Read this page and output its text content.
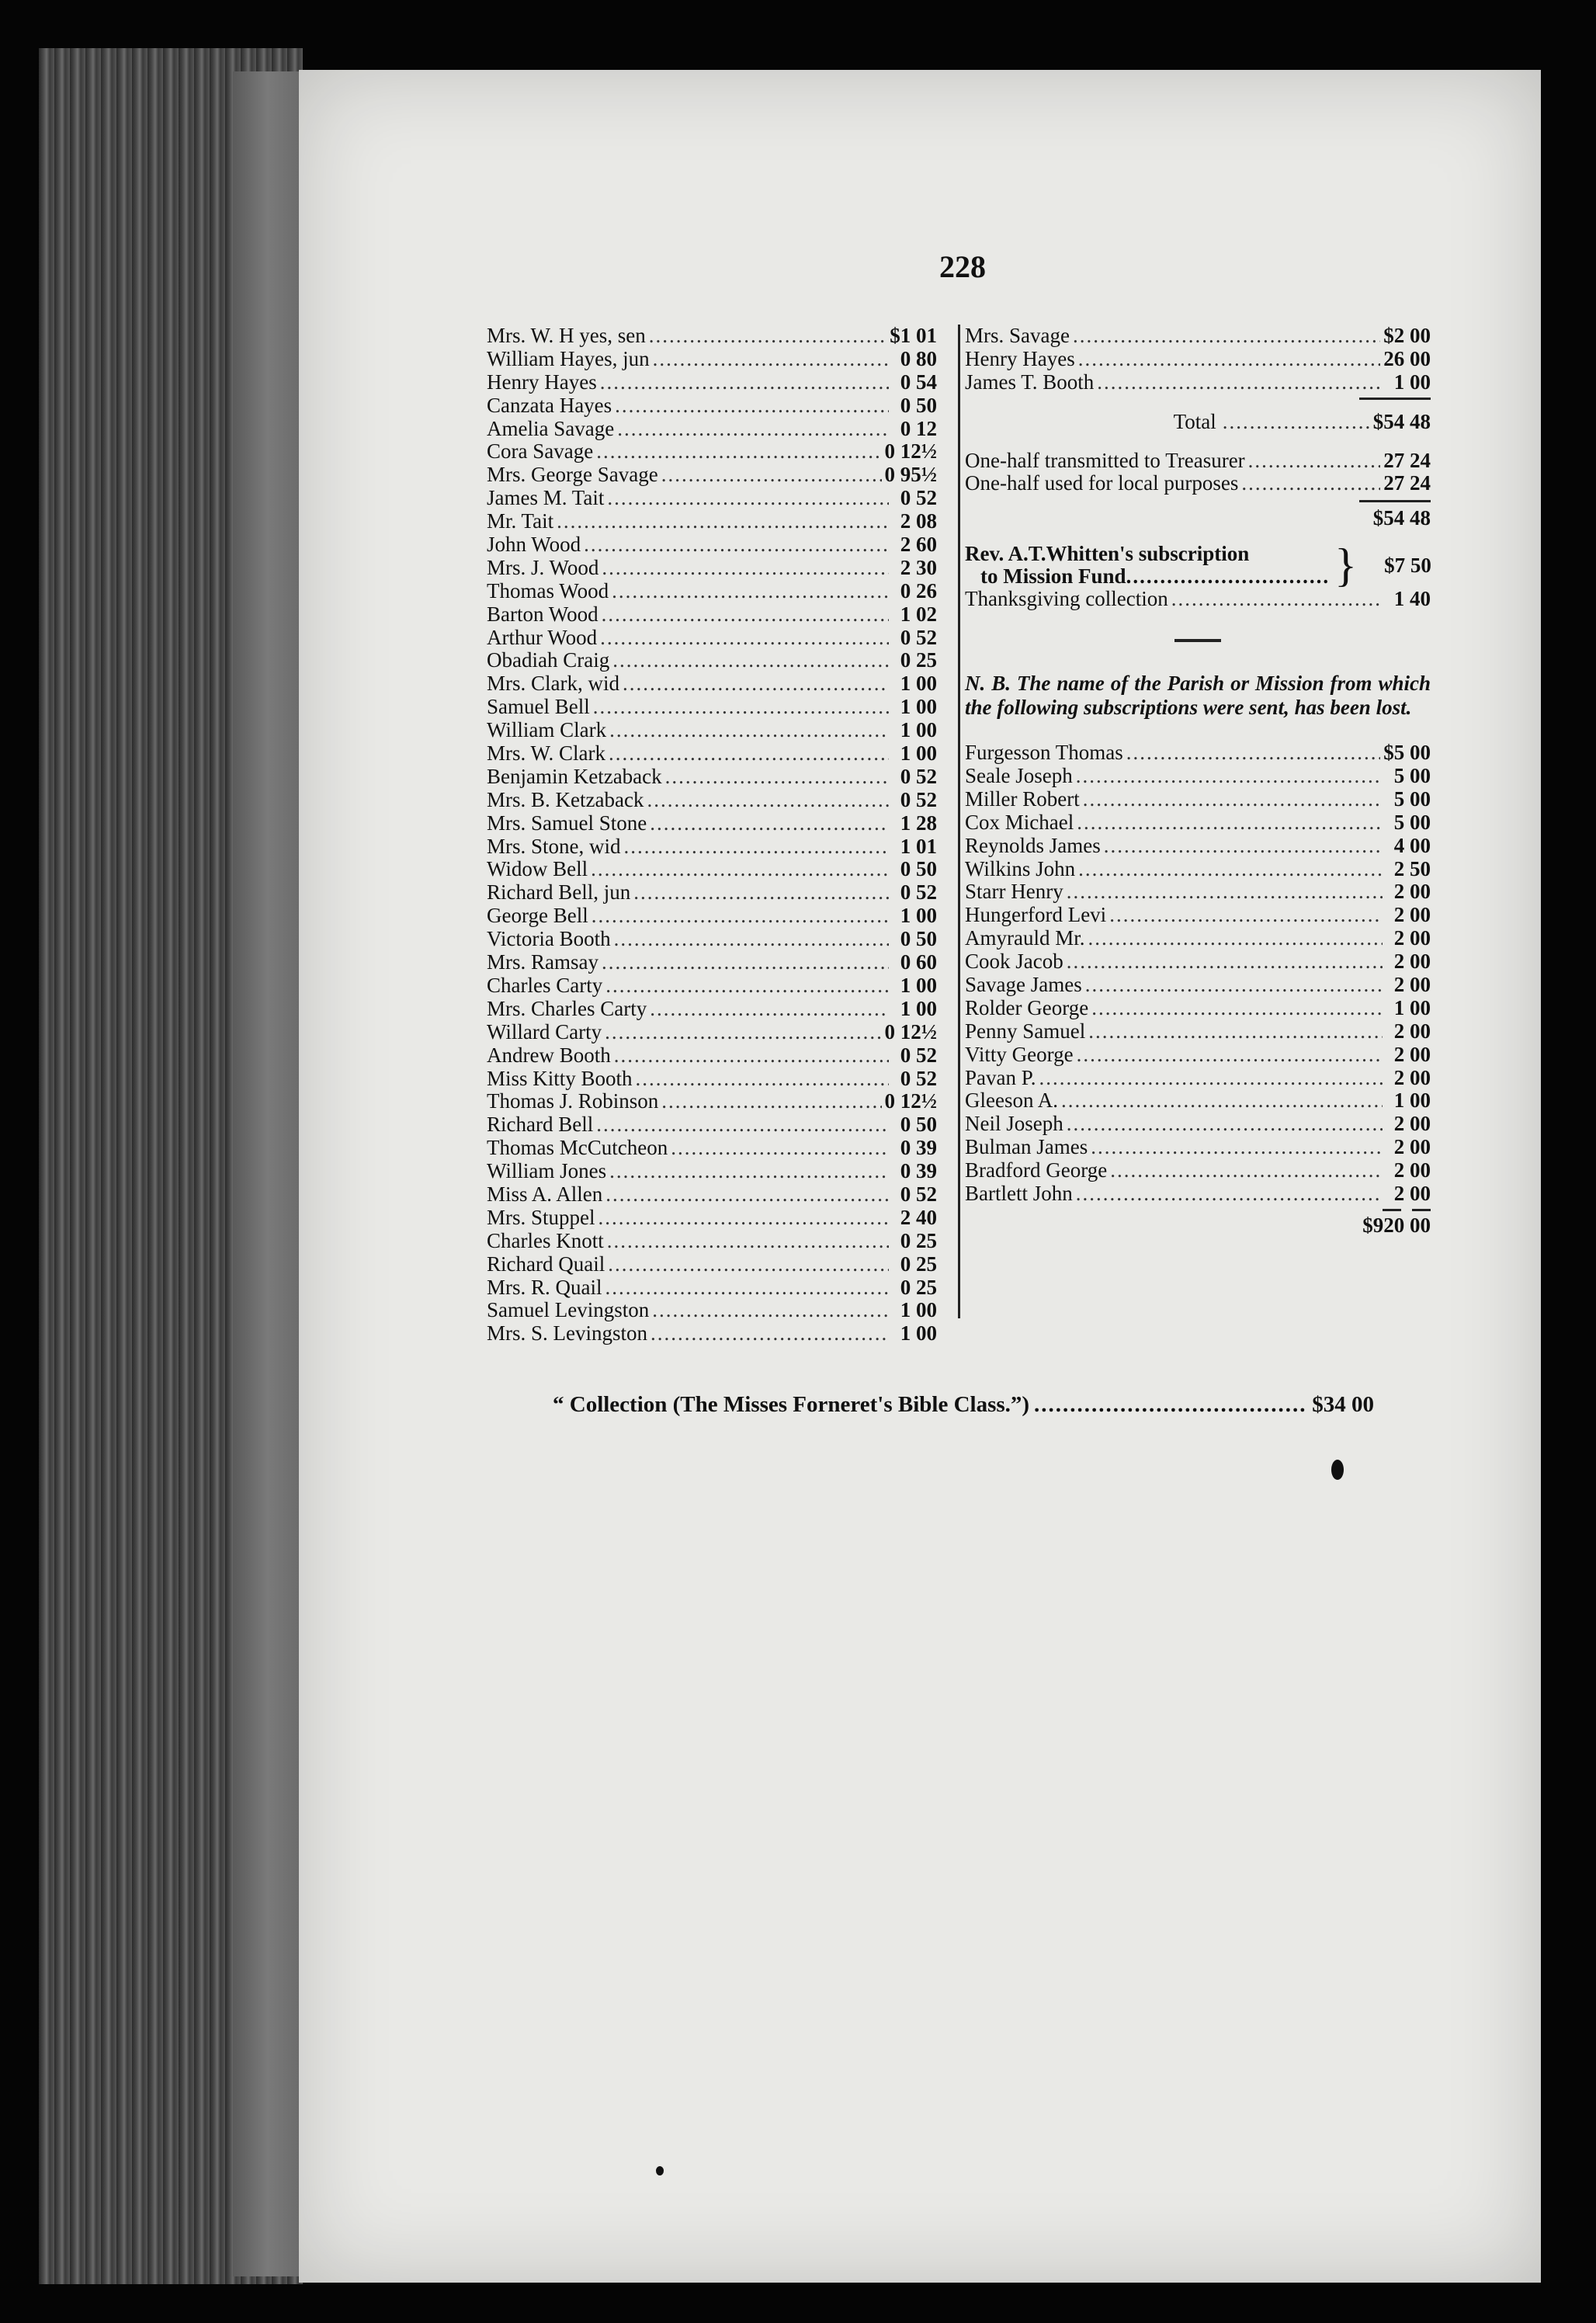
228
Mrs. W. H yes, sen .....	$1 01
William Hayes, jun .....	0 80
Henry Hayes .....	0 54
Canzata Hayes .....	0 50
Amelia Savage .....	0 12
Cora Savage .....	0 12½
Mrs. George Savage .....	0 95½
James M. Tait .....	0 52
Mr. Tait .....	2 08
John Wood .....	2 60
Mrs. J. Wood .....	2 30
Thomas Wood .....	0 26
Barton Wood .....	1 02
Arthur Wood .....	0 52
Obadiah Craig .....	0 25
Mrs. Clark, wid .....	1 00
Samuel Bell .....	1 00
William Clark .....	1 00
Mrs. W. Clark .....	1 00
Benjamin Ketzaback .....	0 52
Mrs. B. Ketzaback .....	0 52
Mrs. Samuel Stone .....	1 28
Mrs. Stone, wid .....	1 01
Widow Bell .....	0 50
Richard Bell, jun .....	0 52
George Bell .....	1 00
Victoria Booth .....	0 50
Mrs. Ramsay .....	0 60
Charles Carty .....	1 00
Mrs. Charles Carty .....	1 00
Willard Carty .....	0 12½
Andrew Booth .....	0 52
Miss Kitty Booth .....	0 52
Thomas J. Robinson .....	0 12½
Richard Bell .....	0 50
Thomas McCutcheon .....	0 39
William Jones .....	0 39
Miss A. Allen .....	0 52
Mrs. Stuppel .....	2 40
Charles Knott .....	0 25
Richard Quail .....	0 25
Mrs. R. Quail .....	0 25
Samuel Levingston .....	1 00
Mrs. S. Levingston .....	1 00
Mrs. Savage .....	$2 00
Henry Hayes .....	26 00
James T. Booth .....	1 00
Total .....	$54 48
One-half transmitted to Treasurer .....	27 24
One-half used for local purposes .....	27 24
$54 48
Rev. A.T.Whitten's subscription
to Mission Fund .............................. }	$7 50
Thanksgiving collection .....	1 40
N. B. The name of the Parish or Mission from which the following subscriptions were sent, has been lost.
Furgesson Thomas .....	$5 00
Seale Joseph .....	5 00
Miller Robert .....	5 00
Cox Michael .....	5 00
Reynolds James .....	4 00
Wilkins John .....	2 50
Starr Henry .....	2 00
Hungerford Levi .....	2 00
Amyrauld Mr. .....	2 00
Cook Jacob .....	2 00
Savage James .....	2 00
Rolder George .....	1 00
Penny Samuel .....	2 00
Vitty George .....	2 00
Pavan P. .....	2 00
Gleeson A. .....	1 00
Neil Joseph .....	2 00
Bulman James .....	2 00
Bradford George .....	2 00
Bartlett John .....	2 00
$920 00
“ Collection (The Misses Forneret's Bible Class.”) .....	$34 00
